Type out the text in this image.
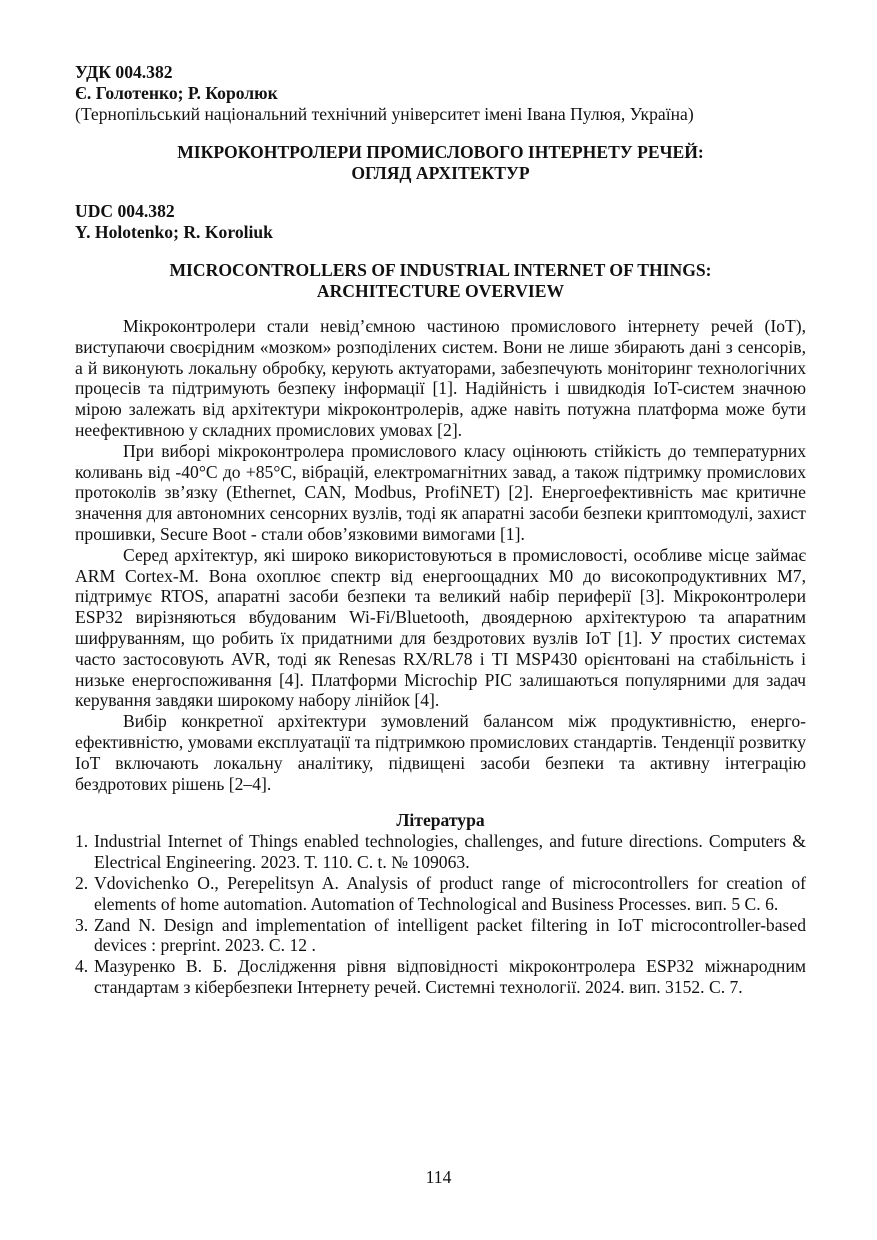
УДК 004.382
Є. Голотенко; Р. Королюк
(Тернопільський національний технічний університет імені Івана Пулюя, Україна)
МІКРОКОНТРОЛЕРИ ПРОМИСЛОВОГО ІНТЕРНЕТУ РЕЧЕЙ:
ОГЛЯД АРХІТЕКТУР
UDC 004.382
Y. Holotenko; R. Koroliuk
MICROCONTROLLERS OF INDUSTRIAL INTERNET OF THINGS:
ARCHITECTURE OVERVIEW

Мікроконтролери стали невід’ємною частиною промислового інтернету речей (IoT), виступаючи своєрідним «мозком» розподілених систем. Вони не лише збирають дані з сенсорів, а й виконують локальну обробку, керують актуаторами, забезпечують моніторинг технологічних процесів та підтримують безпеку інформації [1]. Надійність і швидкодія IoT-систем значною мірою залежать від архітектури мікроконтролерів, адже навіть потужна платформа може бути неефективною у складних промислових умовах [2].

При виборі мікроконтролера промислового класу оцінюють стійкість до температурних коливань від -40°C до +85°C, вібрацій, електромагнітних завад, а також підтримку промислових протоколів зв’язку (Ethernet, CAN, Modbus, ProfiNET) [2]. Енергоефективність має критичне значення для автономних сенсорних вузлів, тоді як апаратні засоби безпеки криптомодулі, захист прошивки, Secure Boot - стали обов’язковими вимогами [1].

Серед архітектур, які широко використовуються в промисловості, особливе місце займає ARM Cortex-M. Вона охоплює спектр від енергоощадних M0 до високопродуктивних M7, підтримує RTOS, апаратні засоби безпеки та великий набір периферії [3]. Мікроконтролери ESP32 вирізняються вбудованим Wi-Fi/Bluetooth, двоядерною архітектурою та апаратним шифруванням, що робить їх придатними для бездротових вузлів IoT [1]. У простих системах часто застосовують AVR, тоді як Renesas RX/RL78 і TI MSP430 орієнтовані на стабільність і низьке енергоспоживання [4]. Платформи Microchip PIC залишаються популярними для задач керування завдяки широкому набору лінійок [4].

Вибір конкретної архітектури зумовлений балансом між продуктивністю, енерго-ефективністю, умовами експлуатації та підтримкою промислових стандартів. Тенденції розвитку IoT включають локальну аналітику, підвищені засоби безпеки та активну інтеграцію бездротових рішень [2–4].

Література
1. Industrial Internet of Things enabled technologies, challenges, and future directions. Computers & Electrical Engineering. 2023. T. 110. C. t. № 109063.
2. Vdovichenko O., Perepelitsyn A. Analysis of product range of microcontrollers for creation of elements of home automation. Automation of Technological and Business Processes. вип. 5 C. 6.
3. Zand N. Design and implementation of intelligent packet filtering in IoT microcontroller-based devices : preprint. 2023. C. 12 .
4. Мазуренко В. Б. Дослідження рівня відповідності мікроконтролера ESP32 міжнародним стандартам з кібербезпеки Інтернету речей. Системні технології. 2024. вип. 3152. С. 7.
114
